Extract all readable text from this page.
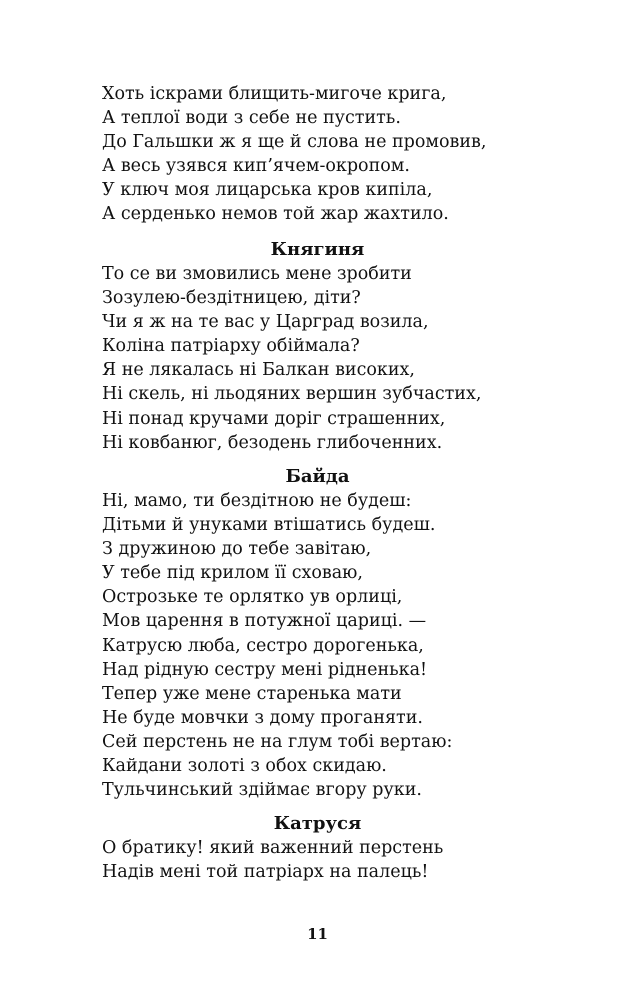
Хоть іскрами блищить-мигоче крига,
А теплої води з себе не пустить.
До Гальшки ж я ще й слова не промовив,
А весь узявся кип’ячем-окропом.
У ключ моя лицарська кров кипіла,
А серденько немов той жар жахтило.
Княгиня
То се ви змовились мене зробити
Зозулею-бездітницею, діти?
Чи я ж на те вас у Царград возила,
Коліна патріарху обіймала?
Я не лякалась ні Балкан високих,
Ні скель, ні льодяних вершин зубчастих,
Ні понад кручами доріг страшенних,
Ні ковбанюг, безодень глибоченних.
Байда
Ні, мамо, ти бездітною не будеш:
Дітьми й унуками втішатись будеш.
З дружиною до тебе завітаю,
У тебе під крилом її сховаю,
Острозьке те орлятко ув орлиці,
Мов царення в потужної цариці. —
Катрусю люба, сестро дорогенька,
Над рідную сестру мені рідненька!
Тепер уже мене старенька мати
Не буде мовчки з дому проганяти.
Сей перстень не на глум тобі вертаю:
Кайдани золоті з обох скидаю.
Тульчинський здіймає вгору руки.
Катруся
О братику! який важенний перстень
Надів мені той патріарх на палець!
11
